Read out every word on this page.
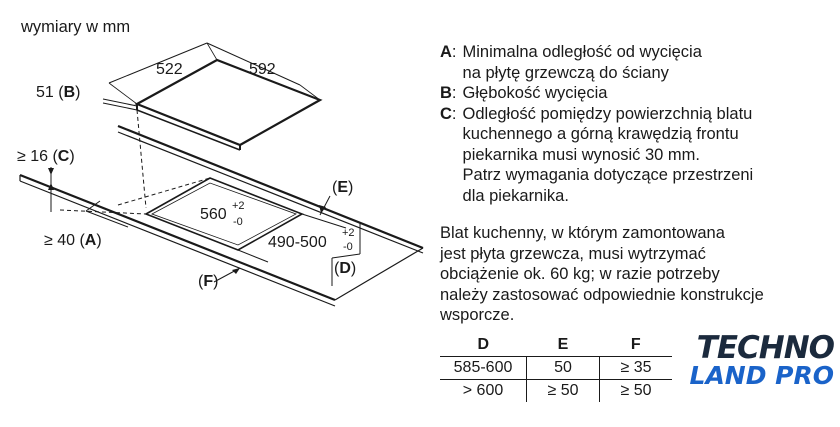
wymiary w mm
522	592
51 (B)
≥ 16 (C)
≥ 40 (A)
560 +2
-0
490-500
+2
-0
(E)
(D)
(F)
A : Minimalna odległość od wycięcia
na płytę grzewczą do ściany
B : Głębokość wycięcia
C : Odległość pomiędzy powierzchnią blatu
kuchennego a górną krawędzią frontu
piekarnika musi wynosić 30 mm.
Patrz wymagania dotyczące przestrzeni
dla piekarnika.
Blat kuchenny, w którym zamontowana
jest płyta grzewcza, musi wytrzymać
obciążenie ok. 60 kg; w razie potrzeby
należy zastosować odpowiednie konstrukcje
wsporcze.
D	E	F
585-600	50	≥ 35
> 600	≥ 50	≥ 50
TECHNO
LAND PRO
